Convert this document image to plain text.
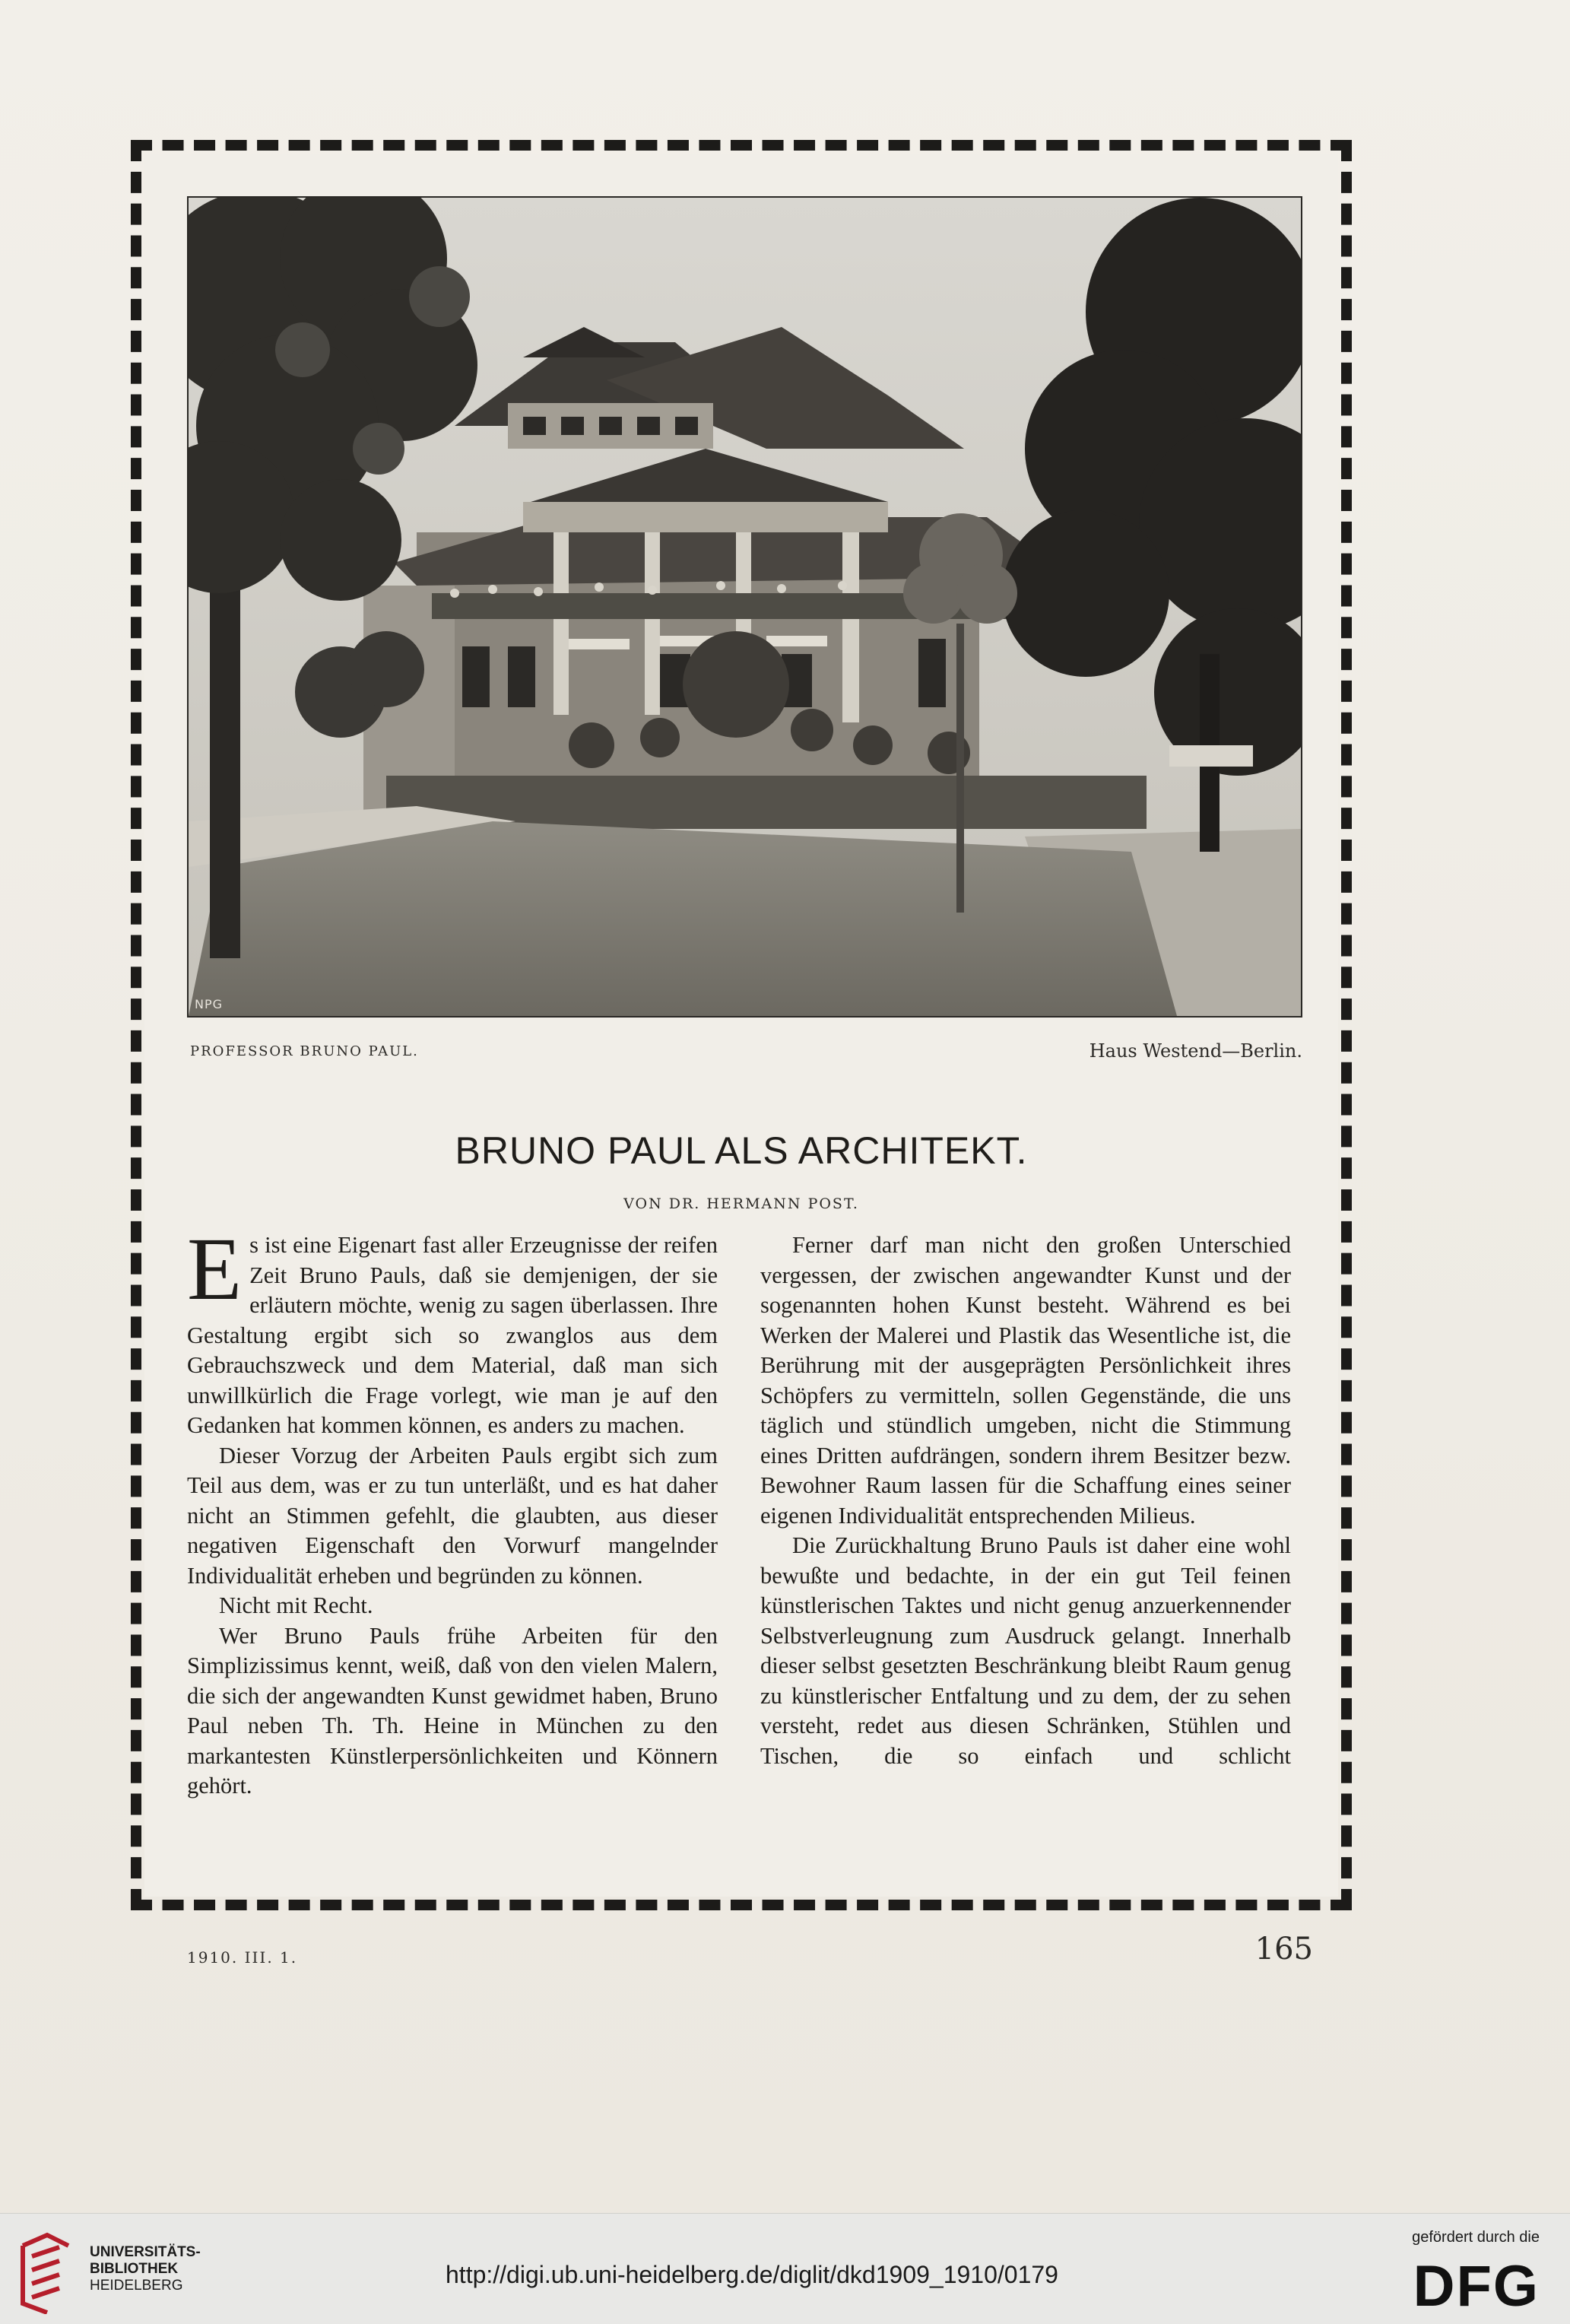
NPG
PROFESSOR BRUNO PAUL.	Haus Westend—Berlin.
BRUNO PAUL ALS ARCHITEKT.
VON DR. HERMANN POST.

Es ist eine Eigenart fast aller Erzeugnisse der reifen Zeit Bruno Pauls, daß sie demjenigen, der sie erläutern möchte, wenig zu sagen überlassen. Ihre Gestaltung ergibt sich so zwanglos aus dem Gebrauchszweck und dem Material, daß man sich unwillkürlich die Frage vorlegt, wie man je auf den Gedanken hat kommen können, es anders zu machen.

Dieser Vorzug der Arbeiten Pauls ergibt sich zum Teil aus dem, was er zu tun unterläßt, und es hat daher nicht an Stimmen gefehlt, die glaubten, aus dieser negativen Eigenschaft den Vorwurf mangelnder Individualität erheben und begründen zu können.

Nicht mit Recht.

Wer Bruno Pauls frühe Arbeiten für den Simplizissimus kennt, weiß, daß von den vielen Malern, die sich der angewandten Kunst gewidmet haben, Bruno Paul neben Th. Th. Heine in München zu den markantesten Künstlerpersönlichkeiten und Könnern gehört.

Ferner darf man nicht den großen Unterschied vergessen, der zwischen angewandter Kunst und der sogenannten hohen Kunst besteht. Während es bei Werken der Malerei und Plastik das Wesentliche ist, die Berührung mit der ausgeprägten Persönlichkeit ihres Schöpfers zu vermitteln, sollen Gegenstände, die uns täglich und stündlich umgeben, nicht die Stimmung eines Dritten aufdrängen, sondern ihrem Besitzer bezw. Bewohner Raum lassen für die Schaffung eines seiner eigenen Individualität entsprechenden Milieus.

Die Zurückhaltung Bruno Pauls ist daher eine wohl bewußte und bedachte, in der ein gut Teil feinen künstlerischen Taktes und nicht genug anzuerkennender Selbstverleugnung zum Ausdruck gelangt. Innerhalb dieser selbst gesetzten Beschränkung bleibt Raum genug zu künstlerischer Entfaltung und zu dem, der zu sehen versteht, redet aus diesen Schränken, Stühlen und Tischen, die so einfach und schlicht

1910. III. 1.	165
UNIVERSITÄTS-
BIBLIOTHEK
HEIDELBERG	http://digi.ub.uni-heidelberg.de/diglit/dkd1909_1910/0179
gefördert durch die
DFG
